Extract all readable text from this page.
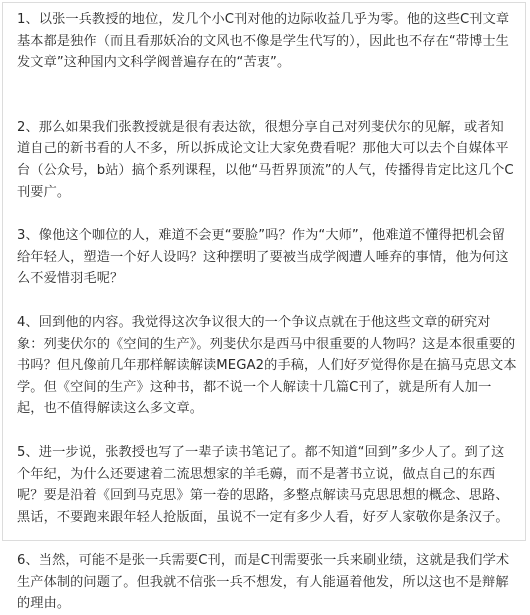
1、以张一兵教授的地位，发几个小C刊对他的边际收益几乎为零。他的这些C刊文章基本都是独作（而且看那妖冶的文风也不像是学生代写的），因此也不存在“带博士生发文章”这种国内文科学阀普遍存在的“苦衷”。

2、那么如果我们张教授就是很有表达欲，很想分享自己对列斐伏尔的见解，或者知道自己的新书看的人不多，所以拆成论文让大家免费看呢？那他大可以去个自媒体平台（公众号，b站）搞个系列课程，以他“马哲界顶流”的人气，传播得肯定比这几个C刊要广。

3、像他这个咖位的人，难道不会更“要脸”吗？作为“大师”，他难道不懂得把机会留给年轻人，塑造一个好人设吗？这种摆明了要被当成学阀遭人唾弃的事情，他为何这么不爱惜羽毛呢？

4、回到他的内容。我觉得这次争议很大的一个争议点就在于他这些文章的研究对象：列斐伏尔的《空间的生产》。列斐伏尔是西马中很重要的人物吗？这是本很重要的书吗？但凡像前几年那样解读解读MEGA2的手稿，人们好歹觉得你是在搞马克思文本学。但《空间的生产》这种书，都不说一个人解读十几篇C刊了，就是所有人加一起，也不值得解读这么多文章。

5、进一步说，张教授也写了一辈子读书笔记了。都不知道“回到”多少人了。到了这个年纪，为什么还要逮着二流思想家的羊毛薅，而不是著书立说，做点自己的东西呢？要是沿着《回到马克思》第一卷的思路，多整点解读马克思思想的概念、思路、黑话，不要跑来跟年轻人抢版面，虽说不一定有多少人看，好歹人家敬你是条汉子。

6、当然，可能不是张一兵需要C刊，而是C刊需要张一兵来刷业绩，这就是我们学术生产体制的问题了。但我就不信张一兵不想发，有人能逼着他发，所以这也不是辩解的理由。
